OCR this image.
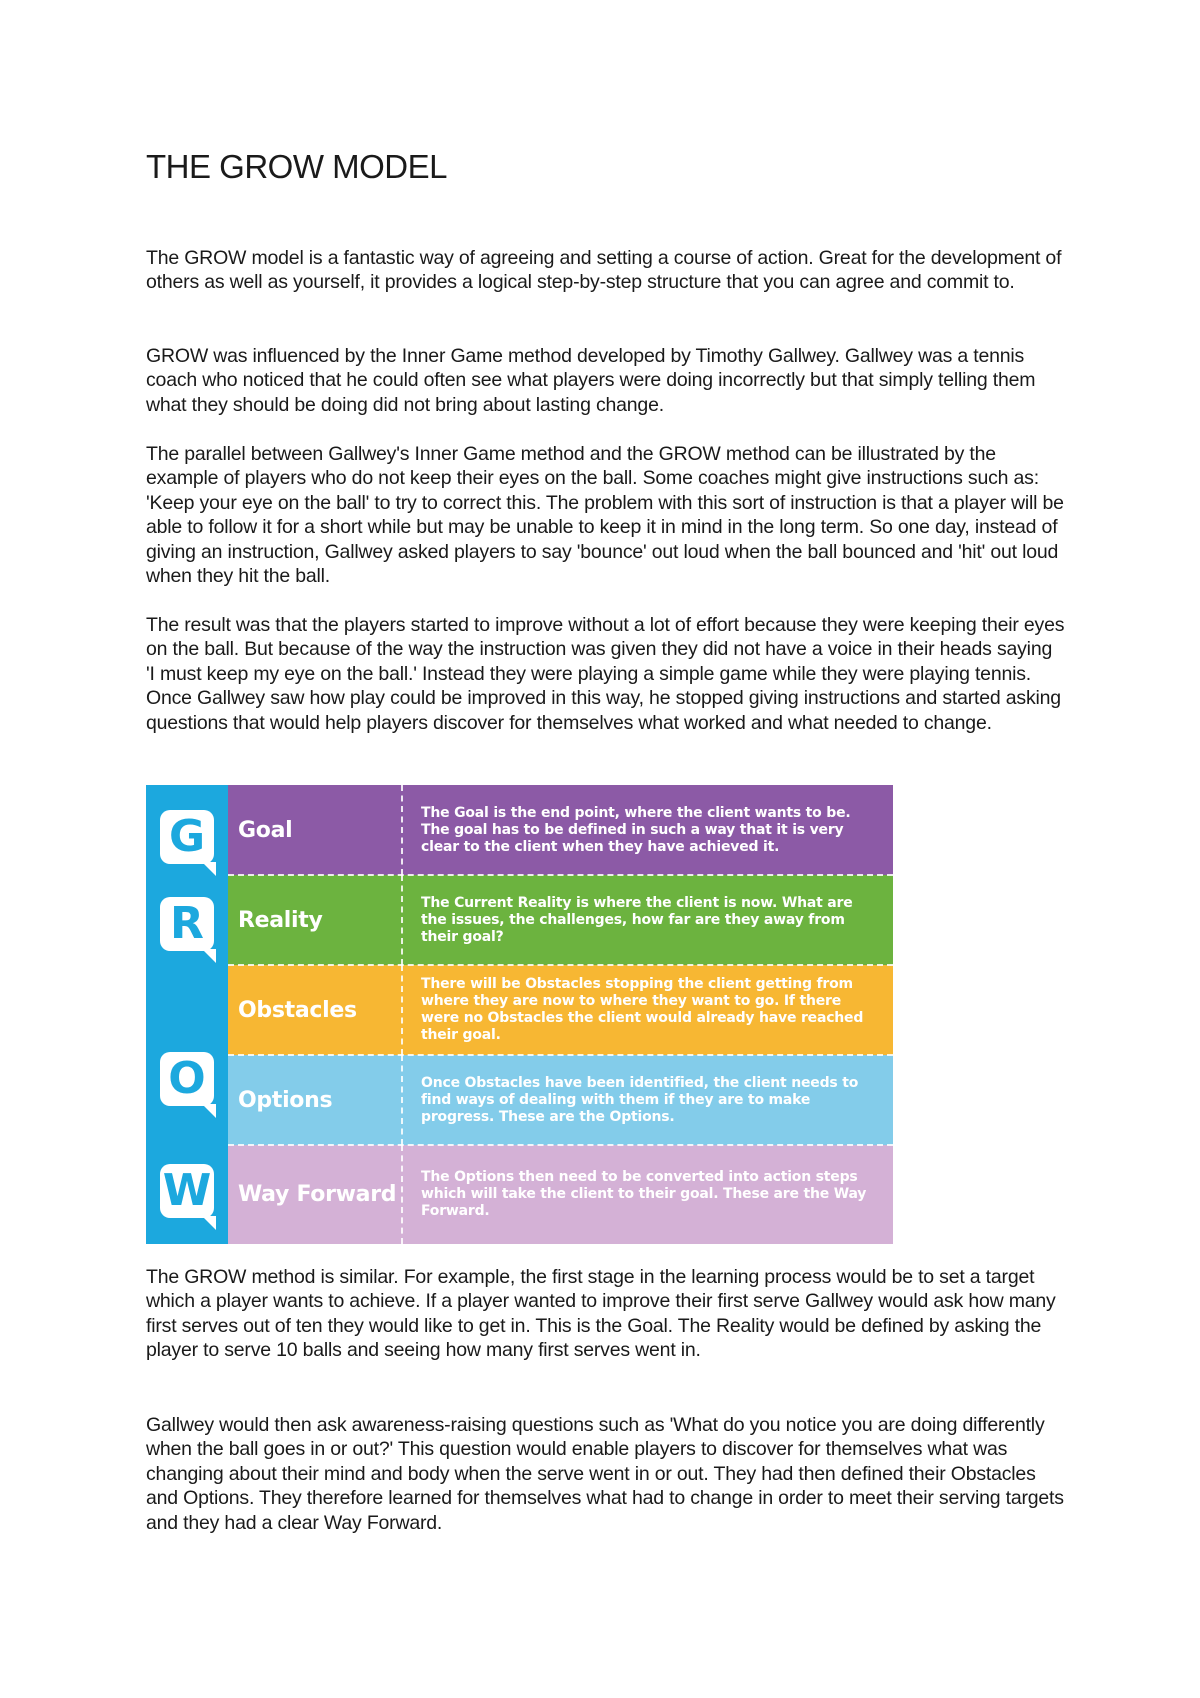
THE GROW MODEL

The GROW model is a fantastic way of agreeing and setting a course of action. Great for the development of others as well as yourself, it provides a logical step-by-step structure that you can agree and commit to.

GROW was influenced by the Inner Game method developed by Timothy Gallwey. Gallwey was a tennis coach who noticed that he could often see what players were doing incorrectly but that simply telling them what they should be doing did not bring about lasting change.

The parallel between Gallwey's Inner Game method and the GROW method can be illustrated by the example of players who do not keep their eyes on the ball. Some coaches might give instructions such as: 'Keep your eye on the ball' to try to correct this. The problem with this sort of instruction is that a player will be able to follow it for a short while but may be unable to keep it in mind in the long term. So one day, instead of giving an instruction, Gallwey asked players to say 'bounce' out loud when the ball bounced and 'hit' out loud when they hit the ball.

The result was that the players started to improve without a lot of effort because they were keeping their eyes on the ball. But because of the way the instruction was given they did not have a voice in their heads saying 'I must keep my eye on the ball.' Instead they were playing a simple game while they were playing tennis. Once Gallwey saw how play could be improved in this way, he stopped giving instructions and started asking questions that would help players discover for themselves what worked and what needed to change.

G
R
O
W
Goal
The Goal is the end point, where the client wants to be. The goal has to be defined in such a way that it is very clear to the client when they have achieved it.
Reality
The Current Reality is where the client is now. What are the issues, the challenges, how far are they away from their goal?
Obstacles
There will be Obstacles stopping the client getting from where they are now to where they want to go. If there were no Obstacles the client would already have reached their goal.
Options
Once Obstacles have been identified, the client needs to find ways of dealing with them if they are to make progress. These are the Options.
Way Forward
The Options then need to be converted into action steps which will take the client to their goal. These are the Way Forward.

The GROW method is similar. For example, the first stage in the learning process would be to set a target which a player wants to achieve. If a player wanted to improve their first serve Gallwey would ask how many first serves out of ten they would like to get in. This is the Goal. The Reality would be defined by asking the player to serve 10 balls and seeing how many first serves went in.

Gallwey would then ask awareness-raising questions such as 'What do you notice you are doing differently when the ball goes in or out?' This question would enable players to discover for themselves what was changing about their mind and body when the serve went in or out. They had then defined their Obstacles and Options. They therefore learned for themselves what had to change in order to meet their serving targets and they had a clear Way Forward.
